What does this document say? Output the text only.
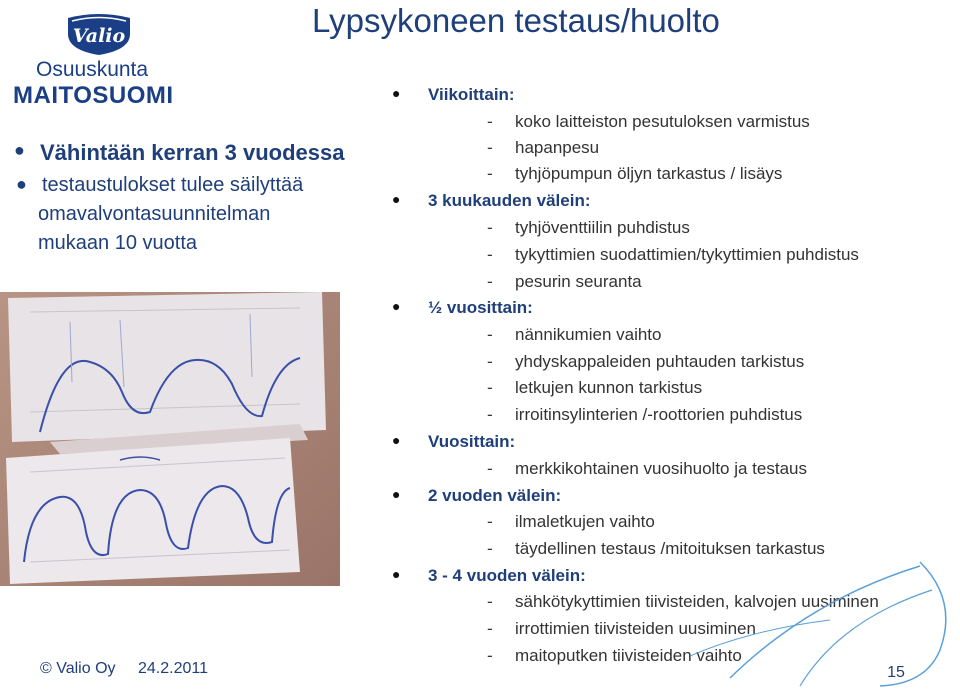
Lypsykoneen testaus/huolto
Valio
Osuuskunta
MAITOSUOMI
● Vähintään kerran 3 vuodessa
● testaustulokset tulee säilyttää
omavalvontasuunnitelman
mukaan 10 vuotta
● Viikoittain:
- koko laitteiston pesutuloksen varmistus
- hapanpesu
- tyhjöpumpun öljyn tarkastus / lisäys
● 3 kuukauden välein:
- tyhjöventtiilin puhdistus
- tykyttimien suodattimien/tykyttimien puhdistus
- pesurin seuranta
● ½ vuosittain:
- nännikumien vaihto
- yhdyskappaleiden puhtauden tarkistus
- letkujen kunnon tarkistus
- irroitinsylinterien /-roottorien puhdistus
● Vuosittain:
- merkkikohtainen vuosihuolto ja testaus
● 2 vuoden välein:
- ilmaletkujen vaihto
- täydellinen testaus /mitoituksen tarkastus
● 3 - 4 vuoden välein:
- sähkötykyttimien tiivisteiden, kalvojen uusiminen
- irrottimien tiivisteiden uusiminen
- maitoputken tiivisteiden vaihto
© Valio Oy 24.2.2011	15
